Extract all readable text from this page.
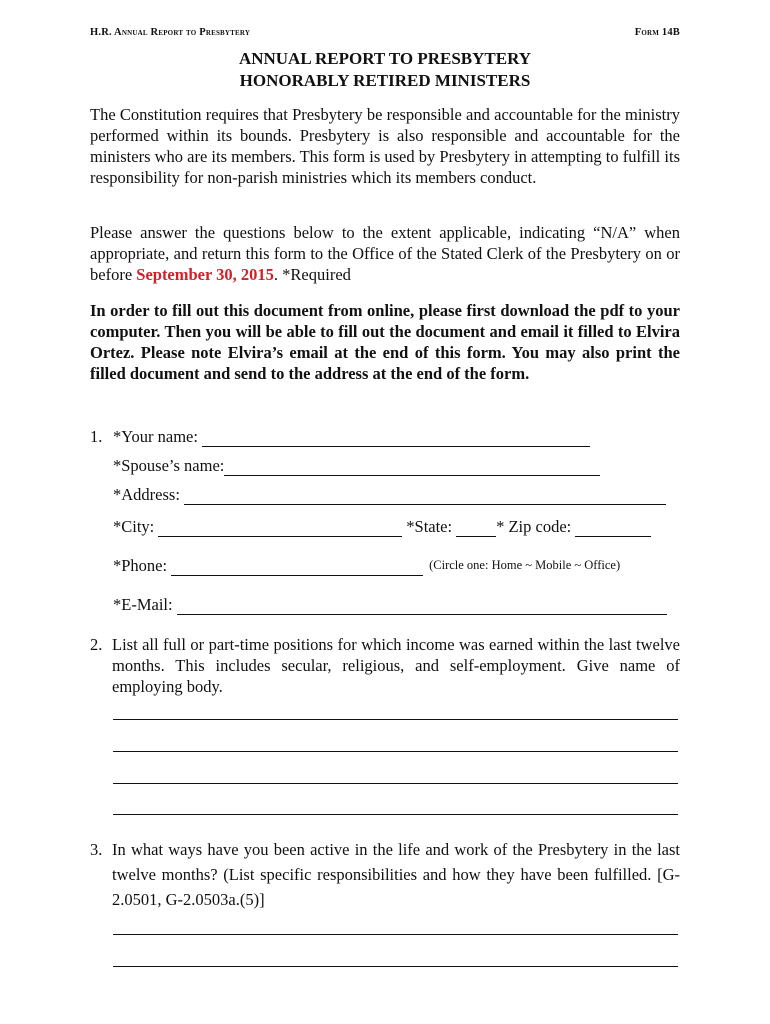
H.R. Annual Report to Presbytery	Form 14B
ANNUAL REPORT TO PRESBYTERY
HONORABLY RETIRED MINISTERS
The Constitution requires that Presbytery be responsible and accountable for the ministry performed within its bounds. Presbytery is also responsible and accountable for the ministers who are its members. This form is used by Presbytery in attempting to fulfill its responsibility for non-parish ministries which its members conduct.
Please answer the questions below to the extent applicable, indicating “N/A” when appropriate, and return this form to the Office of the Stated Clerk of the Presbytery on or before September 30, 2015. *Required
In order to fill out this document from online, please first download the pdf to your computer. Then you will be able to fill out the document and email it filled to Elvira Ortez. Please note Elvira’s email at the end of this form. You may also print the filled document and send to the address at the end of the form.
1. *Your name:
*Spouse’s name:
*Address:
*City:	*State:	* Zip code:
*Phone:	(Circle one: Home ~ Mobile ~ Office)
*E-Mail:
2. List all full or part-time positions for which income was earned within the last twelve months. This includes secular, religious, and self-employment. Give name of employing body.
3. In what ways have you been active in the life and work of the Presbytery in the last twelve months? (List specific responsibilities and how they have been fulfilled. [G-2.0501, G-2.0503a.(5)]
